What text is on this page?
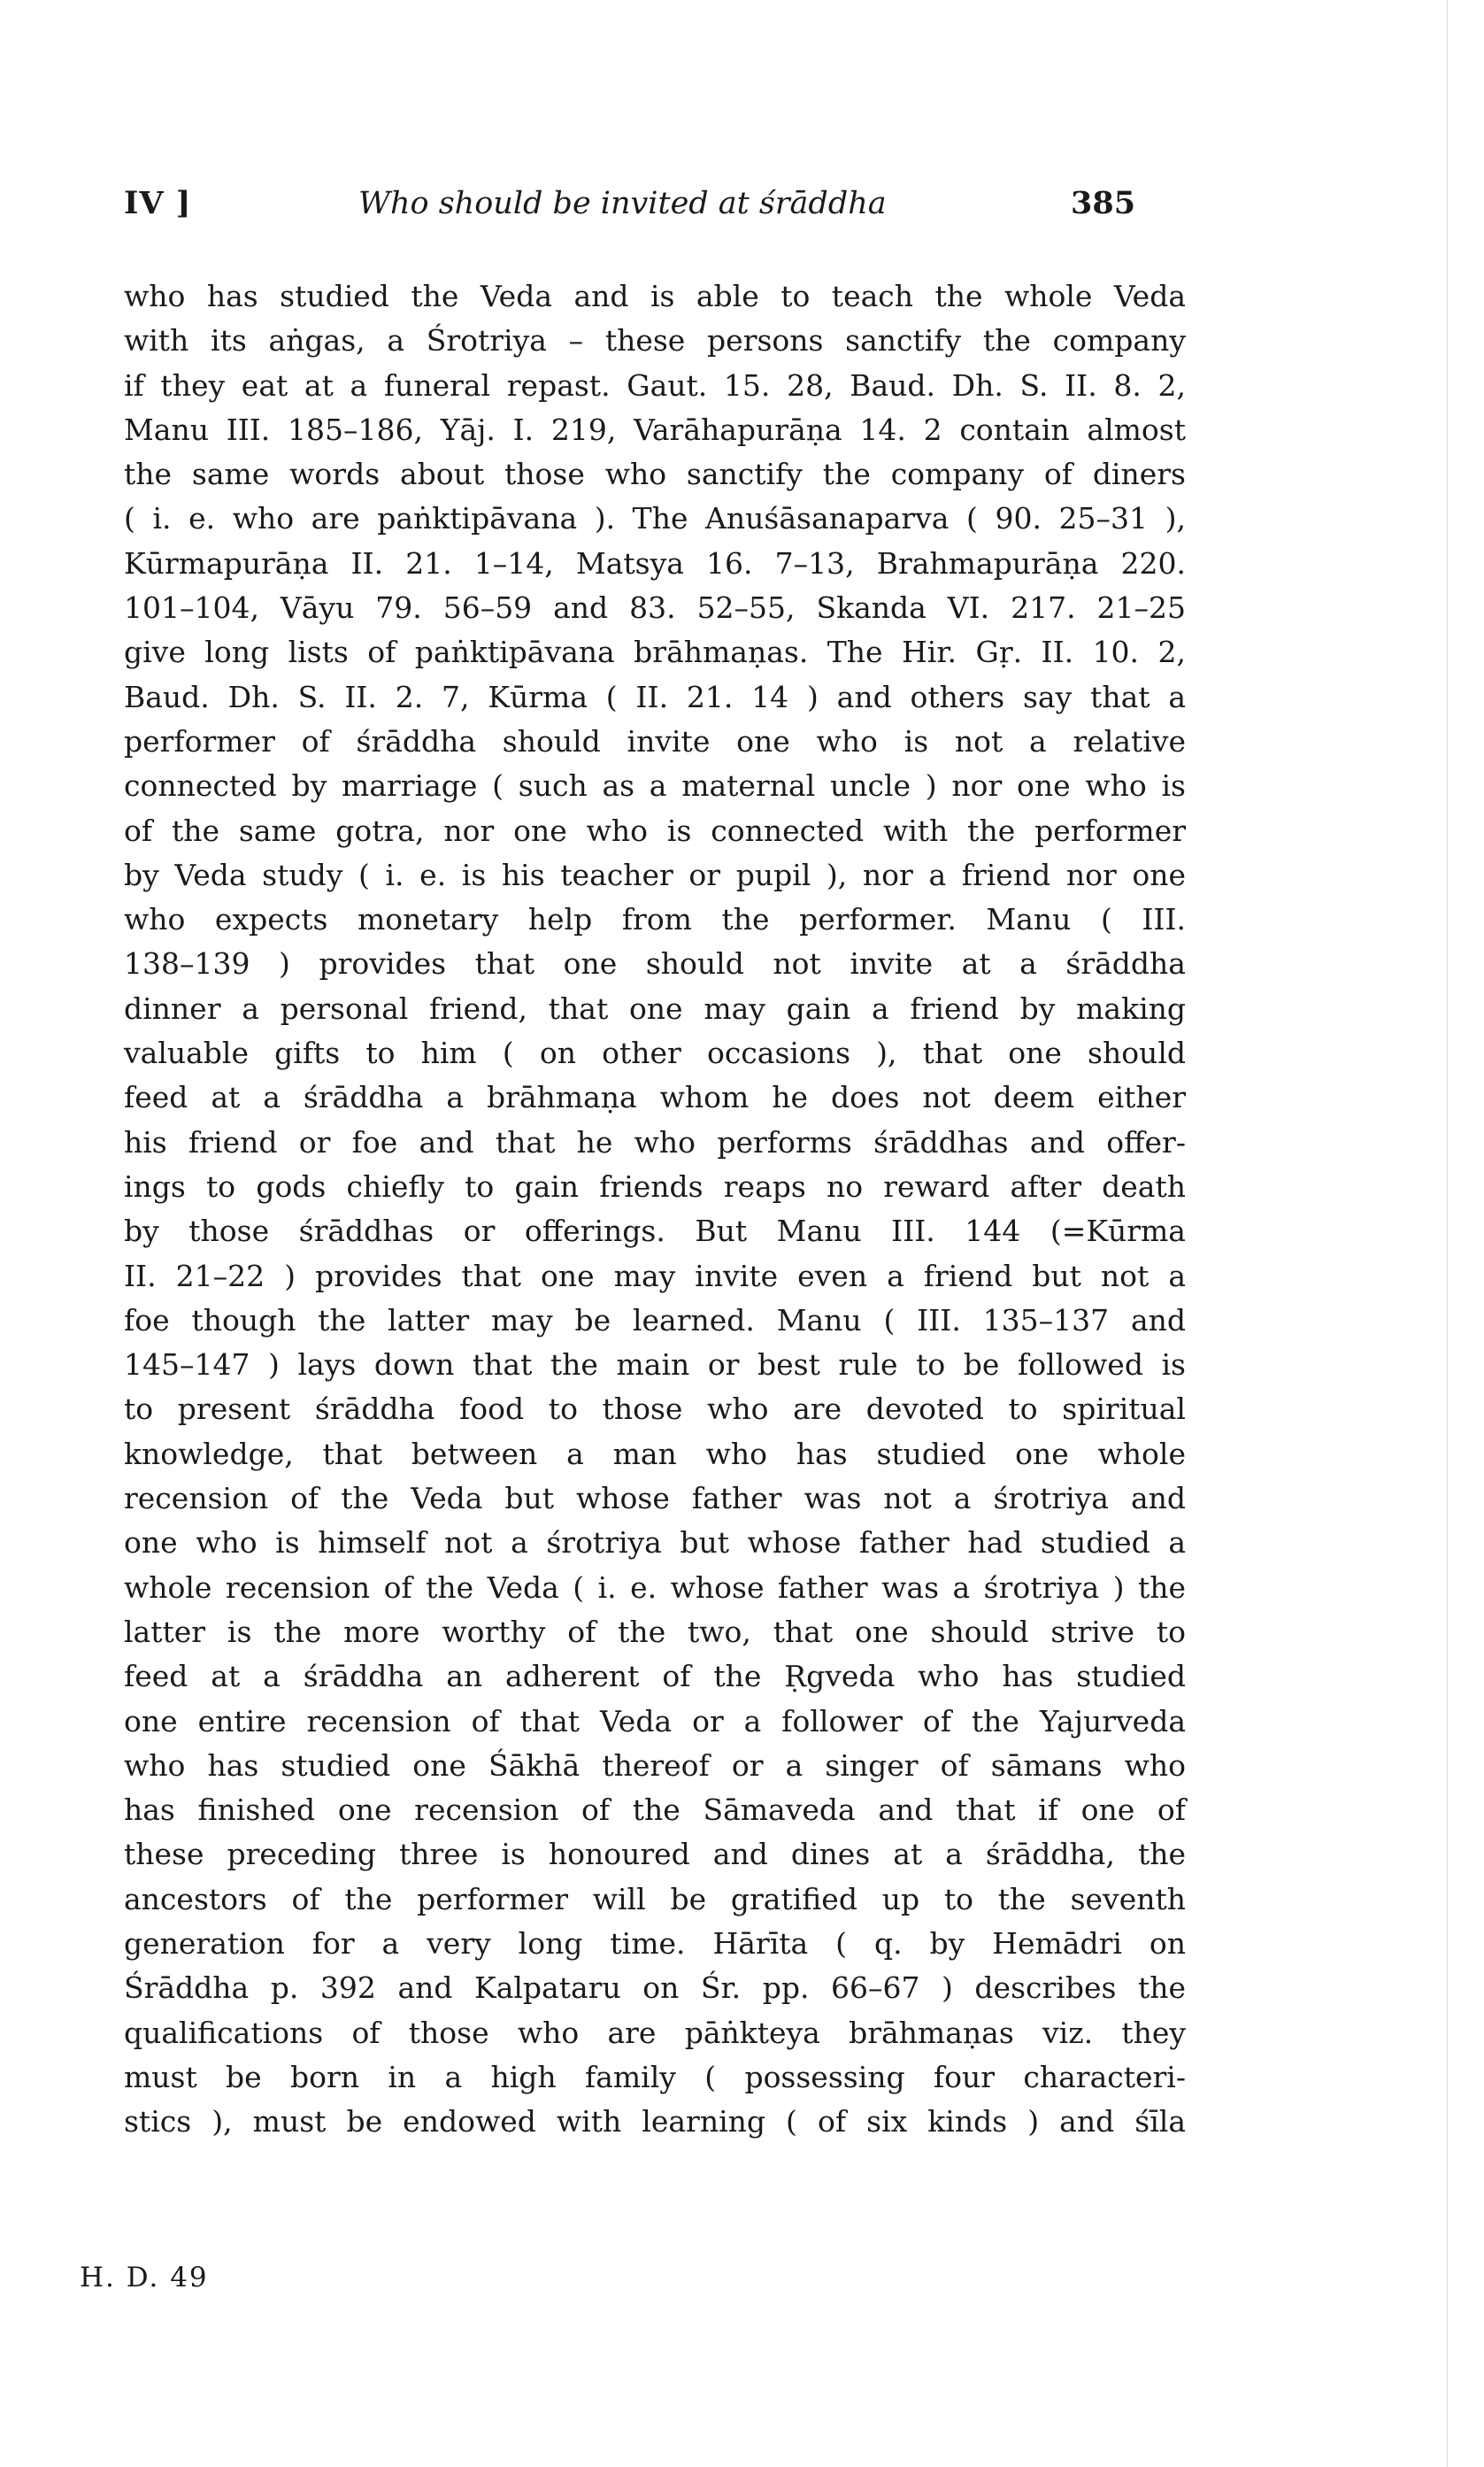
IV ]	Who should be invited at śrāddha	385
who has studied the Veda and is able to teach the whole Veda
with its aṅgas, a Śrotriya – these persons sanctify the company
if they eat at a funeral repast. Gaut. 15. 28, Baud. Dh. S. II. 8. 2,
Manu III. 185–186, Yāj. I. 219, Varāhapurāṇa 14. 2 contain almost
the same words about those who sanctify the company of diners
( i. e. who are paṅktipāvana ). The Anuśāsanaparva ( 90. 25–31 ),
Kūrmapurāṇa II. 21. 1–14, Matsya 16. 7–13, Brahmapurāṇa 220.
101–104, Vāyu 79. 56–59 and 83. 52–55, Skanda VI. 217. 21–25
give long lists of paṅktipāvana brāhmaṇas. The Hir. Gṛ. II. 10. 2,
Baud. Dh. S. II. 2. 7, Kūrma ( II. 21. 14 ) and others say that a
performer of śrāddha should invite one who is not a relative
connected by marriage ( such as a maternal uncle ) nor one who is
of the same gotra, nor one who is connected with the performer
by Veda study ( i. e. is his teacher or pupil ), nor a friend nor one
who expects monetary help from the performer. Manu ( III.
138–139 ) provides that one should not invite at a śrāddha
dinner a personal friend, that one may gain a friend by making
valuable gifts to him ( on other occasions ), that one should
feed at a śrāddha a brāhmaṇa whom he does not deem either
his friend or foe and that he who performs śrāddhas and offer-
ings to gods chiefly to gain friends reaps no reward after death
by those śrāddhas or offerings. But Manu III. 144 (=Kūrma
II. 21–22 ) provides that one may invite even a friend but not a
foe though the latter may be learned. Manu ( III. 135–137 and
145–147 ) lays down that the main or best rule to be followed is
to present śrāddha food to those who are devoted to spiritual
knowledge, that between a man who has studied one whole
recension of the Veda but whose father was not a śrotriya and
one who is himself not a śrotriya but whose father had studied a
whole recension of the Veda ( i. e. whose father was a śrotriya ) the
latter is the more worthy of the two, that one should strive to
feed at a śrāddha an adherent of the Ṛgveda who has studied
one entire recension of that Veda or a follower of the Yajurveda
who has studied one Śākhā thereof or a singer of sāmans who
has finished one recension of the Sāmaveda and that if one of
these preceding three is honoured and dines at a śrāddha, the
ancestors of the performer will be gratified up to the seventh
generation for a very long time. Hārīta ( q. by Hemādri on
Śrāddha p. 392 and Kalpataru on Śr. pp. 66–67 ) describes the
qualifications of those who are pāṅkteya brāhmaṇas viz. they
must be born in a high family ( possessing four characteri-
stics ), must be endowed with learning ( of six kinds ) and śīla
H. D. 49
